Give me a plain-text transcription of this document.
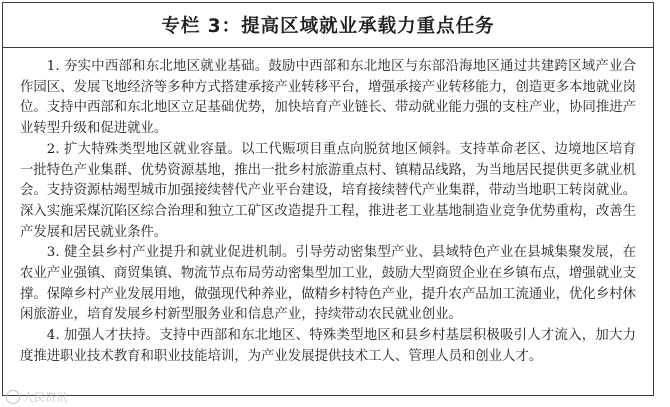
专栏 3：提高区域就业承载力重点任务

1. 夯实中西部和东北地区就业基础。鼓励中西部和东北地区与东部沿海地区通过共建跨区域产业合作园区、发展飞地经济等多种方式搭建承接产业转移平台，增强承接产业转移能力，创造更多本地就业岗位。支持中西部和东北地区立足基础优势，加快培育产业链长、带动就业能力强的支柱产业，协同推进产业转型升级和促进就业。

2. 扩大特殊类型地区就业容量。以工代赈项目重点向脱贫地区倾斜。支持革命老区、边境地区培育一批特色产业集群、优势资源基地，推出一批乡村旅游重点村、镇精品线路，为当地居民提供更多就业机会。支持资源枯竭型城市加强接续替代产业平台建设，培育接续替代产业集群，带动当地职工转岗就业。深入实施采煤沉陷区综合治理和独立工矿区改造提升工程，推进老工业基地制造业竞争优势重构，改善生产发展和居民就业条件。

3. 健全县乡村产业提升和就业促进机制。引导劳动密集型产业、县域特色产业在县城集聚发展，在农业产业强镇、商贸集镇、物流节点布局劳动密集型加工业，鼓励大型商贸企业在乡镇布点，增强就业支撑。保障乡村产业发展用地，做强现代种养业，做精乡村特色产业，提升农产品加工流通业，优化乡村休闲旅游业，培育发展乡村新型服务业和信息产业，持续带动农民就业创业。

4. 加强人才扶持。支持中西部和东北地区、特殊类型地区和县乡村基层积极吸引人才流入，加大力度推进职业技术教育和职业技能培训，为产业发展提供技术工人、管理人员和创业人才。

人民资讯
